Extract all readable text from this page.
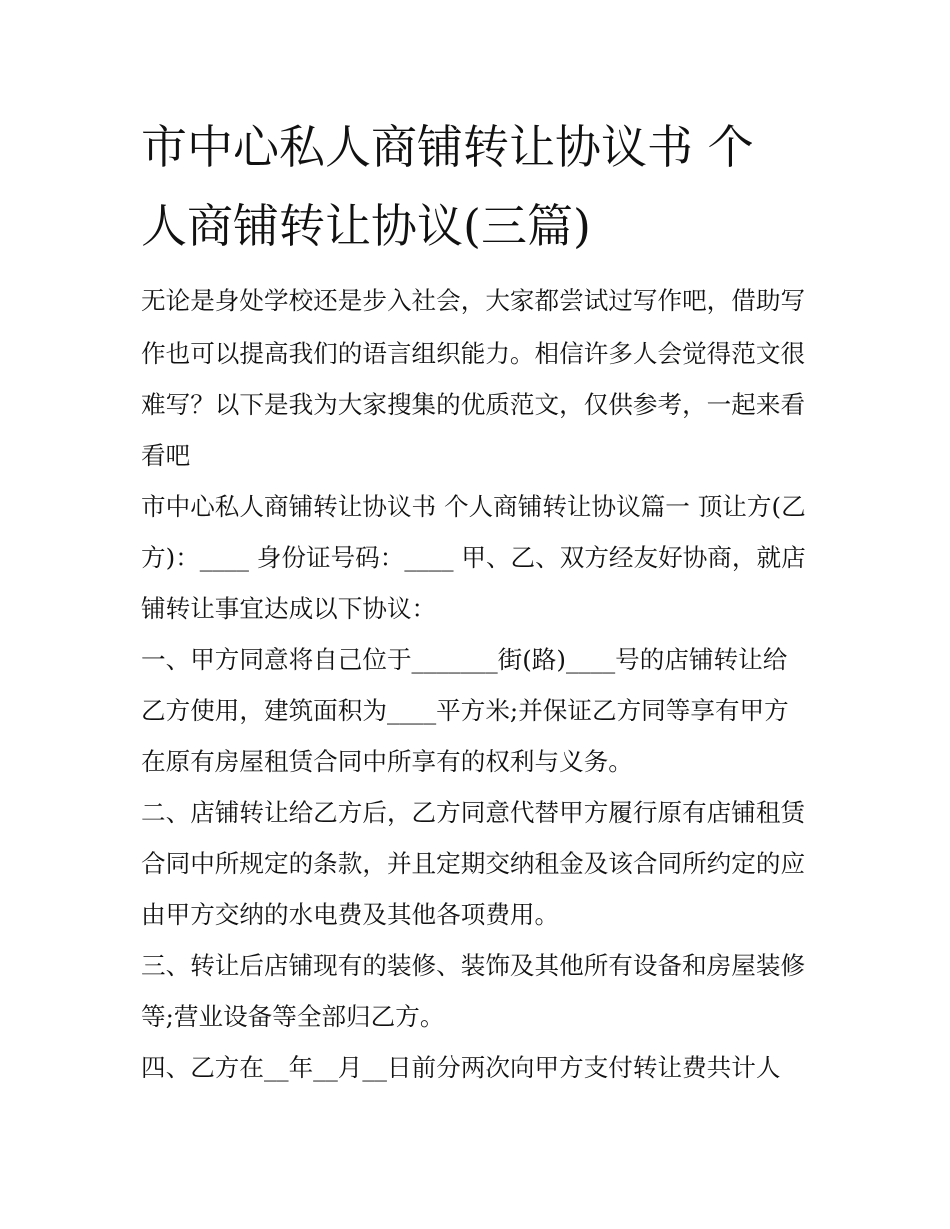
市中心私人商铺转让协议书 个
人商铺转让协议(三篇)

无论是身处学校还是步入社会，大家都尝试过写作吧，借助写

作也可以提高我们的语言组织能力。相信许多人会觉得范文很

难写？以下是我为大家搜集的优质范文，仅供参考，一起来看

看吧

市中心私人商铺转让协议书 个人商铺转让协议篇一 顶让方(乙

方)：____ 身份证号码：____ 甲、乙、双方经友好协商，就店

铺转让事宜达成以下协议：

一、甲方同意将自己位于_______街(路)____号的店铺转让给

乙方使用，建筑面积为____平方米;并保证乙方同等享有甲方

在原有房屋租赁合同中所享有的权利与义务。

二、店铺转让给乙方后，乙方同意代替甲方履行原有店铺租赁

合同中所规定的条款，并且定期交纳租金及该合同所约定的应

由甲方交纳的水电费及其他各项费用。

三、转让后店铺现有的装修、装饰及其他所有设备和房屋装修

等;营业设备等全部归乙方。

四、乙方在__年__月__日前分两次向甲方支付转让费共计人
